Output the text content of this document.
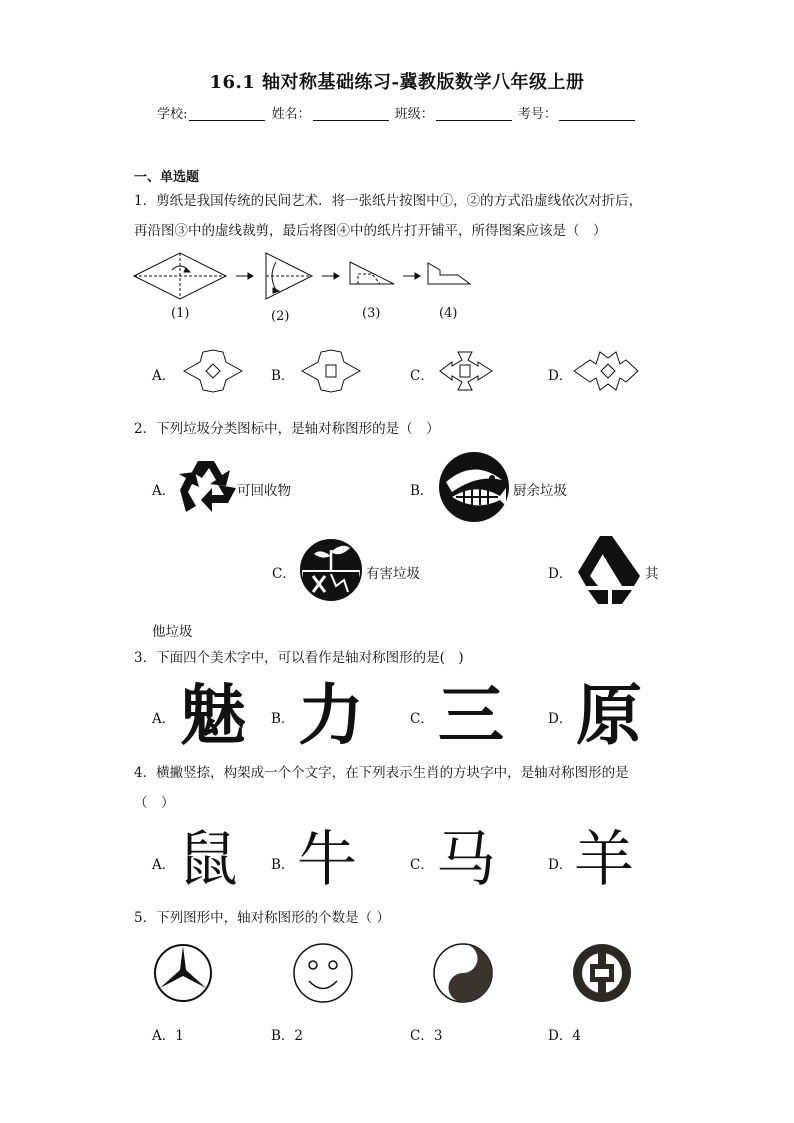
16.1 轴对称基础练习-冀教版数学八年级上册
学校:	姓名：	班级：	考号：
一、单选题
1．剪纸是我国传统的民间艺术．将一张纸片按图中①，②的方式沿虚线依次对折后，
再沿图③中的虚线裁剪，最后将图④中的纸片打开铺平，所得图案应该是（　）
(1)	(2)	(3)	(4)
A．	B．	C．	D．
2．下列垃圾分类图标中，是轴对称图形的是（　）
A．	可回收物	B．	厨余垃圾
C．	有害垃圾	D．	其
他垃圾
3．下面四个美术字中，可以看作是轴对称图形的是(　)
A． 魅 B． 力	C． 三	D． 原
4．横撇竖捺，构架成一个个文字，在下列表示生肖的方块字中，是轴对称图形的是
（　）
A． 鼠 B． 牛	C． 马	D． 羊
5．下列图形中，轴对称图形的个数是（ ）
A．1	B．2	C．3	D．4
